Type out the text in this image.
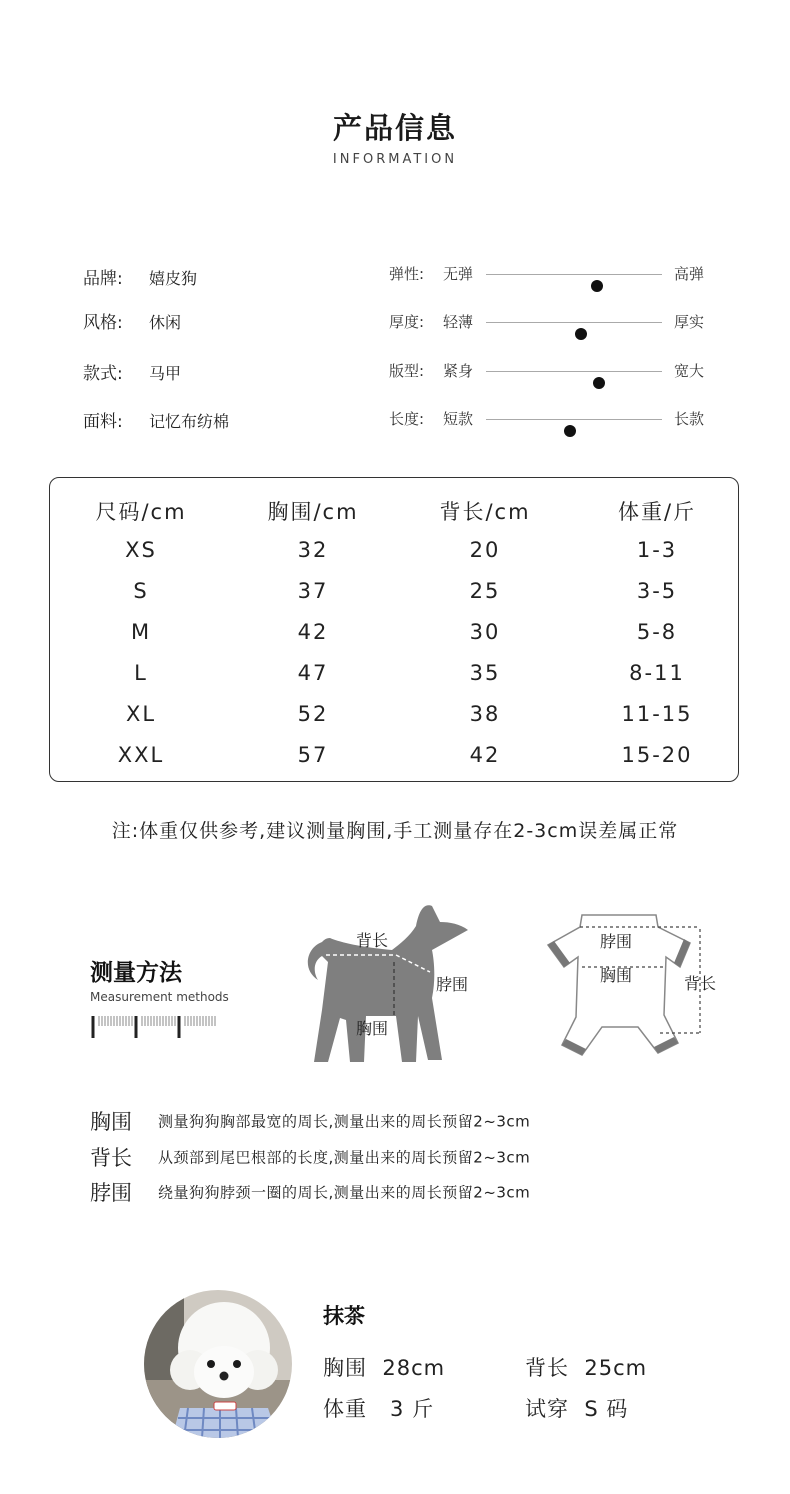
产品信息
INFORMATION
品牌: 嬉皮狗
风格: 休闲
款式: 马甲
面料: 记忆布纺棉
弹性: 无弹	高弹
厚度: 轻薄	厚实
版型: 紧身	宽大
长度: 短款	长款
尺码/cm	胸围/cm	背长/cm	体重/斤
XS	32	20	1-3
S	37	25	3-5
M	42	30	5-8
L	47	35	8-11
XL	52	38	11-15
XXL	57	42	15-20
注:体重仅供参考,建议测量胸围,手工测量存在2-3cm误差属正常
测量方法
Measurement methods
背长
脖围
胸围
脖围
胸围	背长
胸围 测量狗狗胸部最宽的周长,测量出来的周长预留2~3cm
背长 从颈部到尾巴根部的长度,测量出来的周长预留2~3cm
脖围 绕量狗狗脖颈一圈的周长,测量出来的周长预留2~3cm
抹茶
胸围 28cm	背长 25cm
体重 3 斤	试穿 S 码
